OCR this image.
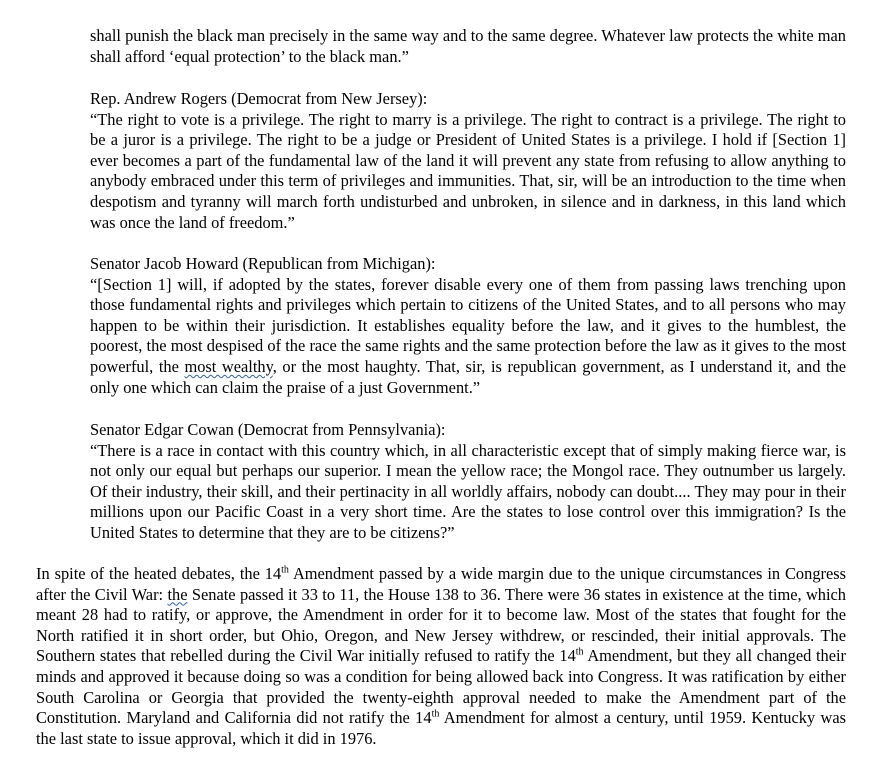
shall punish the black man precisely in the same way and to the same degree. Whatever law protects the white man shall afford ‘equal protection’ to the black man.”

Rep. Andrew Rogers (Democrat from New Jersey):
“The right to vote is a privilege. The right to marry is a privilege. The right to contract is a privilege. The right to be a juror is a privilege. The right to be a judge or President of United States is a privilege. I hold if [Section 1] ever becomes a part of the fundamental law of the land it will prevent any state from refusing to allow anything to anybody embraced under this term of privileges and immunities. That, sir, will be an introduction to the time when despotism and tyranny will march forth undisturbed and unbroken, in silence and in darkness, in this land which was once the land of freedom.”
Senator Jacob Howard (Republican from Michigan):
“[Section 1] will, if adopted by the states, forever disable every one of them from passing laws trenching upon those fundamental rights and privileges which pertain to citizens of the United States, and to all persons who may happen to be within their jurisdiction. It establishes equality before the law, and it gives to the humblest, the poorest, the most despised of the race the same rights and the same protection before the law as it gives to the most powerful, the most wealthy, or the most haughty. That, sir, is republican government, as I understand it, and the only one which can claim the praise of a just Government.”
Senator Edgar Cowan (Democrat from Pennsylvania):
“There is a race in contact with this country which, in all characteristic except that of simply making fierce war, is not only our equal but perhaps our superior. I mean the yellow race; the Mongol race. They outnumber us largely. Of their industry, their skill, and their pertinacity in all worldly affairs, nobody can doubt.... They may pour in their millions upon our Pacific Coast in a very short time. Are the states to lose control over this immigration? Is the United States to determine that they are to be citizens?”

In spite of the heated debates, the 14th Amendment passed by a wide margin due to the unique circumstances in Congress after the Civil War: the Senate passed it 33 to 11, the House 138 to 36. There were 36 states in existence at the time, which meant 28 had to ratify, or approve, the Amendment in order for it to become law. Most of the states that fought for the North ratified it in short order, but Ohio, Oregon, and New Jersey withdrew, or rescinded, their initial approvals. The Southern states that rebelled during the Civil War initially refused to ratify the 14th Amendment, but they all changed their minds and approved it because doing so was a condition for being allowed back into Congress. It was ratification by either South Carolina or Georgia that provided the twenty-eighth approval needed to make the Amendment part of the Constitution. Maryland and California did not ratify the 14th Amendment for almost a century, until 1959. Kentucky was the last state to issue approval, which it did in 1976.
